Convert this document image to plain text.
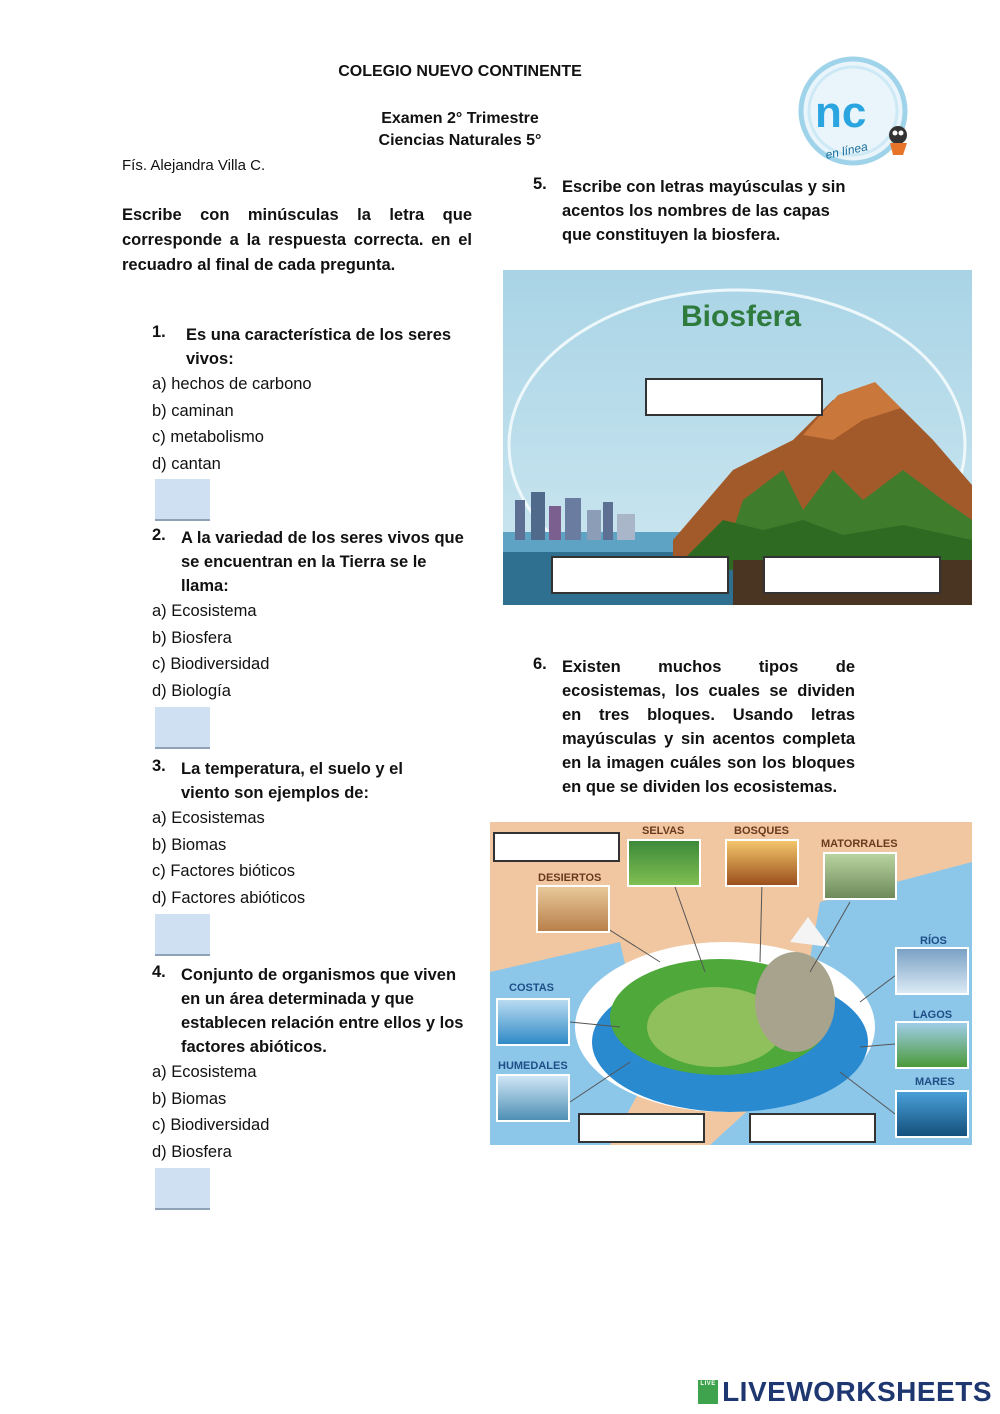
COLEGIO NUEVO CONTINENTE
Examen 2° Trimestre
Ciencias Naturales 5°
Fís. Alejandra Villa C.
nc
en línea
Escribe con minúsculas la letra que corresponde a la respuesta correcta. en el recuadro al final de cada pregunta.
1. Es una característica de los seres vivos:
a) hechos de carbono
b) caminan
c) metabolismo
d) cantan
2. A la variedad de los seres vivos que se encuentran en la Tierra se le llama:
a) Ecosistema
b) Biosfera
c) Biodiversidad
d) Biología
3. La temperatura, el suelo y el viento son ejemplos de:
a) Ecosistemas
b) Biomas
c) Factores bióticos
d) Factores abióticos
4. Conjunto de organismos que viven en un área determinada y que establecen relación entre ellos y los factores abióticos.
a) Ecosistema
b) Biomas
c) Biodiversidad
d) Biosfera
5. Escribe con letras mayúsculas y sin acentos los nombres de las capas que constituyen la biosfera.
Biosfera
6. Existen muchos tipos de ecosistemas, los cuales se dividen en tres bloques. Usando letras mayúsculas y sin acentos completa en la imagen cuáles son los bloques en que se dividen los ecosistemas.
SELVAS	BOSQUES
MATORRALES
DESIERTOS
RÍOS
COSTAS
LAGOS
HUMEDALES
MARES
LIVE LIVEWORKSHEETS
